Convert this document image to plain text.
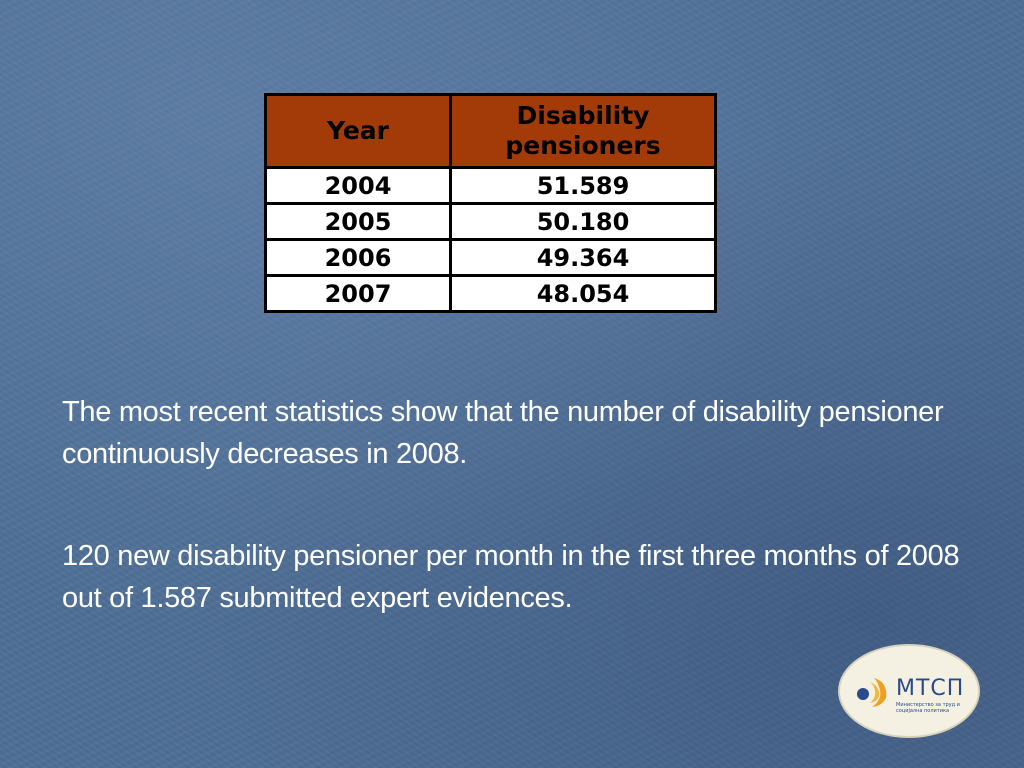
Year	Disability pensioners
2004	51.589
2005	50.180
2006	49.364
2007	48.054

The most recent statistics show that the number of disability pensioner continuously decreases in 2008.

120 new disability pensioner per month in the first three months of 2008 out of 1.587 submitted expert evidences.

МТСП
Министерство за труд и социјална политика
